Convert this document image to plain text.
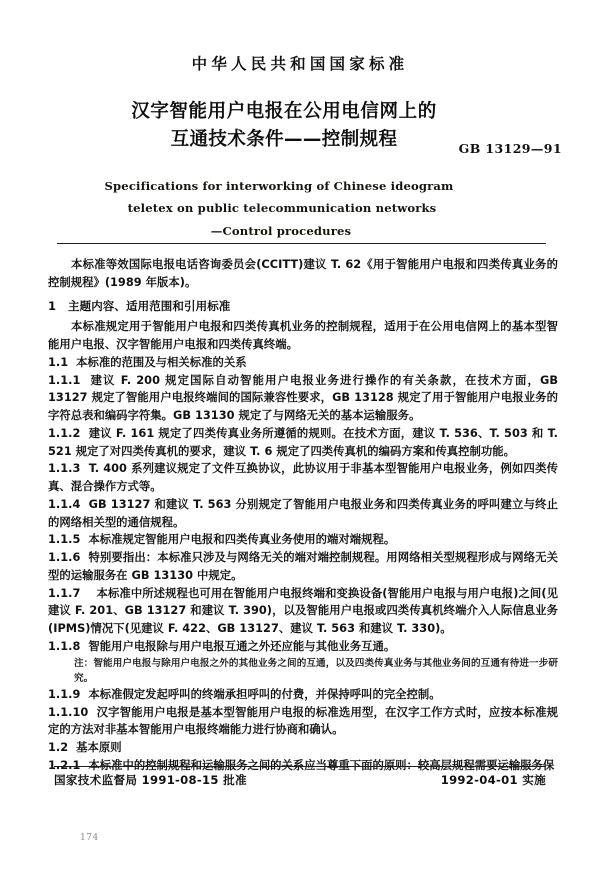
中华人民共和国国家标准
汉字智能用户电报在公用电信网上的
互通技术条件——控制规程	GB 13129—91
Specifications for interworking of Chinese ideogram
teletex on public telecommunication networks
—Control procedures

本标准等效国际电报电话咨询委员会(CCITT)建议 T. 62《用于智能用户电报和四类传真业务的控制规程》(1989 年版本)。

1 主题内容、适用范围和引用标准

本标准规定用于智能用户电报和四类传真机业务的控制规程，适用于在公用电信网上的基本型智能用户电报、汉字智能用户电报和四类传真终端。

1.1 本标准的范围及与相关标准的关系

1.1.1 建议 F. 200 规定国际自动智能用户电报业务进行操作的有关条款，在技术方面，GB 13127 规定了智能用户电报终端间的国际兼容性要求，GB 13128 规定了用于智能用户电报业务的字符总表和编码字符集。GB 13130 规定了与网络无关的基本运输服务。

1.1.2 建议 F. 161 规定了四类传真业务所遵循的规则。在技术方面，建议 T. 536、T. 503 和 T. 521 规定了对四类传真机的要求，建议 T. 6 规定了四类传真机的编码方案和传真控制功能。

1.1.3 T. 400 系列建议规定了文件互换协议，此协议用于非基本型智能用户电报业务，例如四类传真、混合操作方式等。

1.1.4 GB 13127 和建议 T. 563 分别规定了智能用户电报业务和四类传真业务的呼叫建立与终止的网络相关型的通信规程。

1.1.5 本标准规定智能用户电报和四类传真业务使用的端对端规程。

1.1.6 特别要指出：本标准只涉及与网络无关的端对端控制规程。用网络相关型规程形成与网络无关型的运输服务在 GB 13130 中规定。

1.1.7 本标准中所述规程也可用在智能用户电报终端和变换设备(智能用户电报与用户电报)之间(见建议 F. 201、GB 13127 和建议 T. 390)，以及智能用户电报或四类传真机终端介入人际信息业务(IPMS)情况下(见建议 F. 422、GB 13127、建议 T. 563 和建议 T. 330)。

1.1.8 智能用户电报除与用户电报互通之外还应能与其他业务互通。

注：智能用户电报与除用户电报之外的其他业务之间的互通，以及四类传真业务与其他业务间的互通有待进一步研究。

1.1.9 本标准假定发起呼叫的终端承担呼叫的付费，并保持呼叫的完全控制。

1.1.10 汉字智能用户电报是基本型智能用户电报的标准选用型，在汉字工作方式时，应按本标准规定的方法对非基本智能用户电报终端能力进行协商和确认。

1.2 基本原则

1.2.1 本标准中的控制规程和运输服务之间的关系应当尊重下面的原则：较高层规程需要运输服务保

国家技术监督局 1991-08-15 批准	1992-04-01 实施
174
